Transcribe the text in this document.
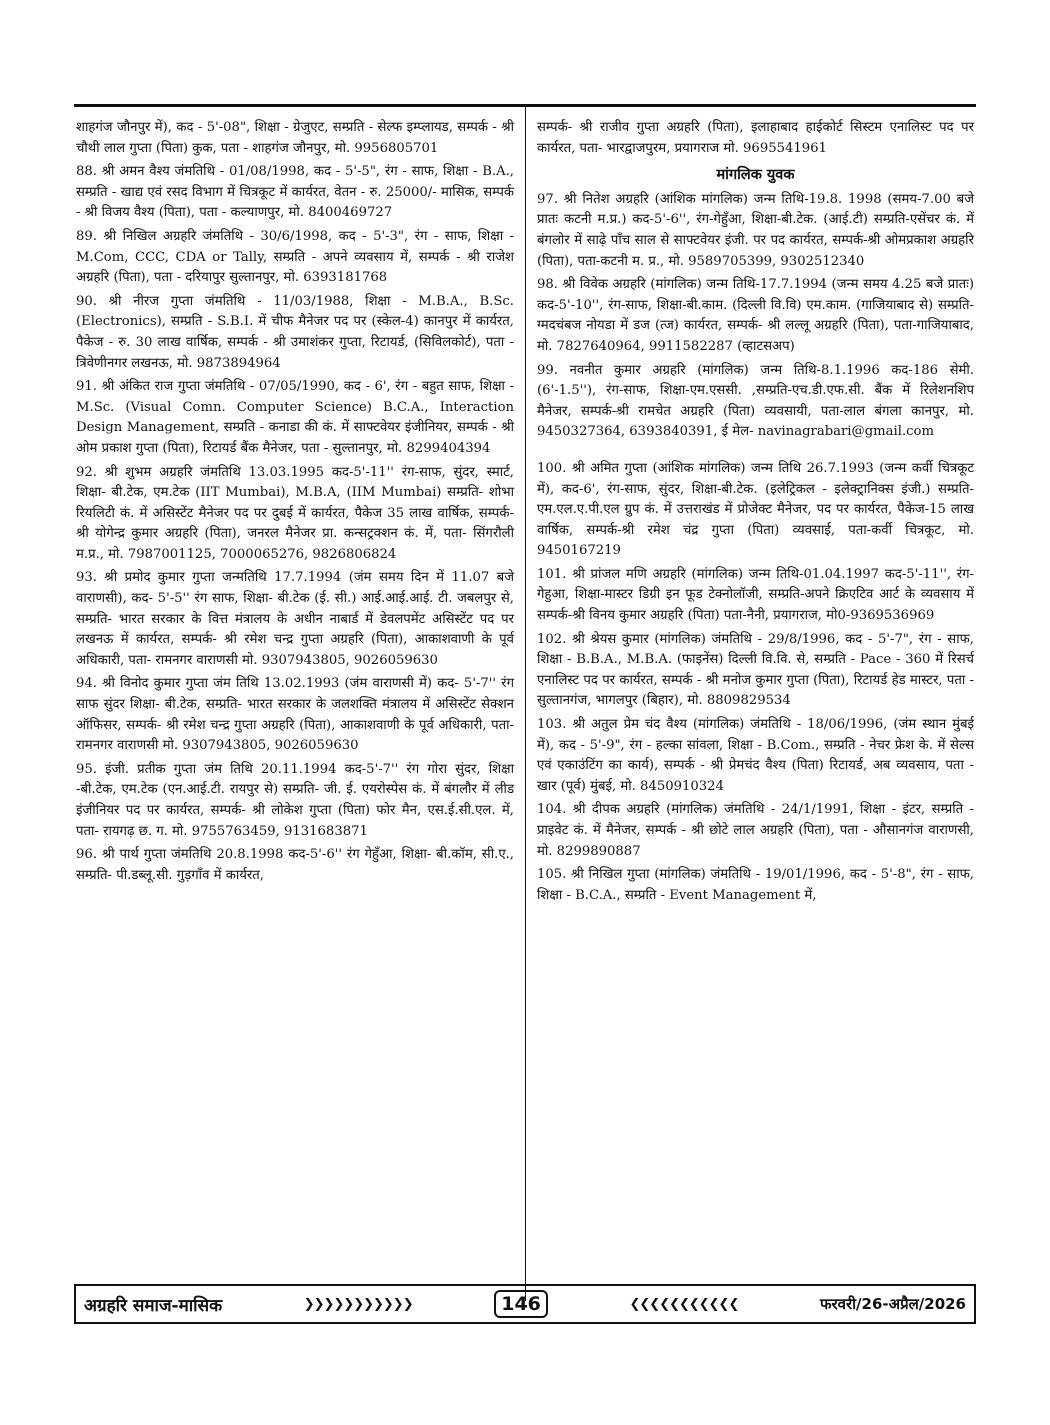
शाहगंज जौनपुर में), कद - 5'-08", शिक्षा - ग्रेजुएट, सम्प्रति - सेल्फ इम्प्लायड, सम्पर्क - श्री चौथी लाल गुप्ता (पिता) कुक, पता - शाहगंज जौनपुर, मो. 9956805701

88. श्री अमन वैश्य जंमतिथि - 01/08/1998, कद - 5'-5", रंग - साफ, शिक्षा - B.A., सम्प्रति - खाद्य एवं रसद विभाग में चित्रकूट में कार्यरत, वेतन - रु. 25000/- मासिक, सम्पर्क - श्री विजय वैश्य (पिता), पता - कल्याणपुर, मो. 8400469727

89. श्री निखिल अग्रहरि जंमतिथि - 30/6/1998, कद - 5'-3", रंग - साफ, शिक्षा - M.Com, CCC, CDA or Tally, सम्प्रति - अपने व्यवसाय में, सम्पर्क - श्री राजेश अग्रहरि (पिता), पता - दरियापुर सुल्तानपुर, मो. 6393181768

90. श्री नीरज गुप्ता जंमतिथि - 11/03/1988, शिक्षा - M.B.A., B.Sc. (Electronics), सम्प्रति - S.B.I. में चीफ मैनेजर पद पर (स्केल-4) कानपुर में कार्यरत, पैकेज - रु. 30 लाख वार्षिक, सम्पर्क - श्री उमाशंकर गुप्ता, रिटायर्ड, (सिविलकोर्ट), पता - त्रिवेणीनगर लखनऊ, मो. 9873894964

91. श्री अंकित राज गुप्ता जंमतिथि - 07/05/1990, कद - 6', रंग - बहुत साफ, शिक्षा - M.Sc. (Visual Comn. Computer Science) B.C.A., Interaction Design Management, सम्प्रति - कनाडा की कं. में साफ्टवेयर इंजीनियर, सम्पर्क - श्री ओम प्रकाश गुप्ता (पिता), रिटायर्ड बैंक मैनेजर, पता - सुल्तानपुर, मो. 8299404394

92. श्री शुभम अग्रहरि जंमतिथि 13.03.1995 कद-5'-11'' रंग-साफ, सुंदर, स्मार्ट, शिक्षा- बी.टेक, एम.टेक (IIT Mumbai), M.B.A, (IIM Mumbai) सम्प्रति- शोभा रियलिटी कं. में असिस्टेंट मैनेजर पद पर दुबई में कार्यरत, पैकेज 35 लाख वार्षिक, सम्पर्क- श्री योगेन्द्र कुमार अग्रहरि (पिता), जनरल मैनेजर प्रा. कन्सट्रक्शन कं. में, पता- सिंगरौली म.प्र., मो. 7987001125, 7000065276, 9826806824

93. श्री प्रमोद कुमार गुप्ता जन्मतिथि 17.7.1994 (जंम समय दिन में 11.07 बजे वाराणसी), कद- 5'-5'' रंग साफ, शिक्षा- बी.टेक (ई. सी.) आई.आई.आई. टी. जबलपुर से, सम्प्रति- भारत सरकार के वित्त मंत्रालय के अधीन नाबार्ड में डेवलपमेंट असिस्टेंट पद पर लखनऊ में कार्यरत, सम्पर्क- श्री रमेश चन्द्र गुप्ता अग्रहरि (पिता), आकाशवाणी के पूर्व अधिकारी, पता- रामनगर वाराणसी मो. 9307943805, 9026059630

94. श्री विनोद कुमार गुप्ता जंम तिथि 13.02.1993 (जंम वाराणसी में) कद- 5'-7'' रंग साफ सुंदर शिक्षा- बी.टेक, सम्प्रति- भारत सरकार के जलशक्ति मंत्रालय में असिस्टेंट सेक्शन ऑफिसर, सम्पर्क- श्री रमेश चन्द्र गुप्ता अग्रहरि (पिता), आकाशवाणी के पूर्व अधिकारी, पता- रामनगर वाराणसी मो. 9307943805, 9026059630

95. इंजी. प्रतीक गुप्ता जंम तिथि 20.11.1994 कद-5'-7'' रंग गोरा सुंदर, शिक्षा -बी.टेक, एम.टेक (एन.आई.टी. रायपुर से) सम्प्रति- जी. ई. एयरोस्पेस कं. में बंगलौर में लीड इंजीनियर पद पर कार्यरत, सम्पर्क- श्री लोकेश गुप्ता (पिता) फोर मैन, एस.ई.सी.एल. में, पता- रायगढ़ छ. ग. मो. 9755763459, 9131683871

96. श्री पार्थ गुप्ता जंमतिथि 20.8.1998 कद-5'-6'' रंग गेहुँआ, शिक्षा- बी.कॉम, सी.ए., सम्प्रति- पी.डब्लू.सी. गुड़गाँव में कार्यरत,

सम्पर्क- श्री राजीव गुप्ता अग्रहरि (पिता), इलाहाबाद हाईकोर्ट सिस्टम एनालिस्ट पद पर कार्यरत, पता- भारद्वाजपुरम, प्रयागराज मो. 9695541961

मांगलिक युवक

97. श्री नितेश अग्रहरि (आंशिक मांगलिक) जन्म तिथि-19.8. 1998 (समय-7.00 बजे प्रातः कटनी म.प्र.) कद-5'-6'', रंग-गेहुँआ, शिक्षा-बी.टेक. (आई.टी) सम्प्रति-एसेंचर कं. में बंगलोर में साढ़े पाँच साल से साफ्टवेयर इंजी. पर पद कार्यरत, सम्पर्क-श्री ओमप्रकाश अग्रहरि (पिता), पता-कटनी म. प्र., मो. 9589705399, 9302512340

98. श्री विवेक अग्रहरि (मांगलिक) जन्म तिथि-17.7.1994 (जन्म समय 4.25 बजे प्रातः) कद-5'-10'', रंग-साफ, शिक्षा-बी.काम. (दिल्ली वि.वि) एम.काम. (गाजियाबाद से) सम्प्रति-ग्मदचंबज नोयडा में डज (त्ज) कार्यरत, सम्पर्क- श्री लल्लू अग्रहरि (पिता), पता-गाजियाबाद, मो. 7827640964, 9911582287 (व्हाटसअप)

99. नवनीत कुमार अग्रहरि (मांगलिक) जन्म तिथि-8.1.1996 कद-186 सेमी. (6'-1.5''), रंग-साफ, शिक्षा-एम.एससी. ,सम्प्रति-एच.डी.एफ.सी. बैंक में रिलेशनशिप मैनेजर, सम्पर्क-श्री रामचेत अग्रहरि (पिता) व्यवसायी, पता-लाल बंगला कानपुर, मो. 9450327364, 6393840391, ई मेल- navinagrabari@gmail.com

100. श्री अमित गुप्ता (आंशिक मांगलिक) जन्म तिथि 26.7.1993 (जन्म कर्वी चित्रकूट में), कद-6', रंग-साफ, सुंदर, शिक्षा-बी.टेक. (इलेट्रिकल - इलेक्ट्रानिक्स इंजी.) सम्प्रति-एम.एल.ए.पी.एल ग्रुप कं. में उत्तराखंड में प्रोजेक्ट मैनेजर, पद पर कार्यरत, पैकेज-15 लाख वार्षिक, सम्पर्क-श्री रमेश चंद्र गुप्ता (पिता) व्यवसाई, पता-कर्वी चित्रकूट, मो. 9450167219

101. श्री प्रांजल मणि अग्रहरि (मांगलिक) जन्म तिथि-01.04.1997 कद-5'-11'', रंग-गेहुआ, शिक्षा-मास्टर डिग्री इन फूड टेक्नोलॉजी, सम्प्रति-अपने क्रिएटिव आर्ट के व्यवसाय में सम्पर्क-श्री विनय कुमार अग्रहरि (पिता) पता-नैनी, प्रयागराज, मो0-9369536969

102. श्री श्रेयस कुमार (मांगलिक) जंमतिथि - 29/8/1996, कद - 5'-7", रंग - साफ, शिक्षा - B.B.A., M.B.A. (फाइनेंस) दिल्ली वि.वि. से, सम्प्रति - Pace - 360 में रिसर्च एनालिस्ट पद पर कार्यरत, सम्पर्क - श्री मनोज कुमार गुप्ता (पिता), रिटायर्ड हेड मास्टर, पता - सुल्तानगंज, भागलपुर (बिहार), मो. 8809829534

103. श्री अतुल प्रेम चंद वैश्य (मांगलिक) जंमतिथि - 18/06/1996, (जंम स्थान मुंबई में), कद - 5'-9", रंग - हल्का सांवला, शिक्षा - B.Com., सम्प्रति - नेचर फ्रेश के. में सेल्स एवं एकाउंटिंग का कार्य), सम्पर्क - श्री प्रेमचंद वैश्य (पिता) रिटायर्ड, अब व्यवसाय, पता - खार (पूर्व) मुंबई, मो. 8450910324

104. श्री दीपक अग्रहरि (मांगलिक) जंमतिथि - 24/1/1991, शिक्षा - इंटर, सम्प्रति - प्राइवेट कं. में मैनेजर, सम्पर्क - श्री छोटे लाल अग्रहरि (पिता), पता - औसानगंज वाराणसी, मो. 8299890887

105. श्री निखिल गुप्ता (मांगलिक) जंमतिथि - 19/01/1996, कद - 5'-8", रंग - साफ, शिक्षा - B.C.A., सम्प्रति - Event Management में,

अग्रहरि समाज-मासिक	❯❯❯❯❯❯❯❯❯❯❯	146	❮❮❮❮❮❮❮❮❮❮❮	फरवरी/26-अप्रैल/2026
